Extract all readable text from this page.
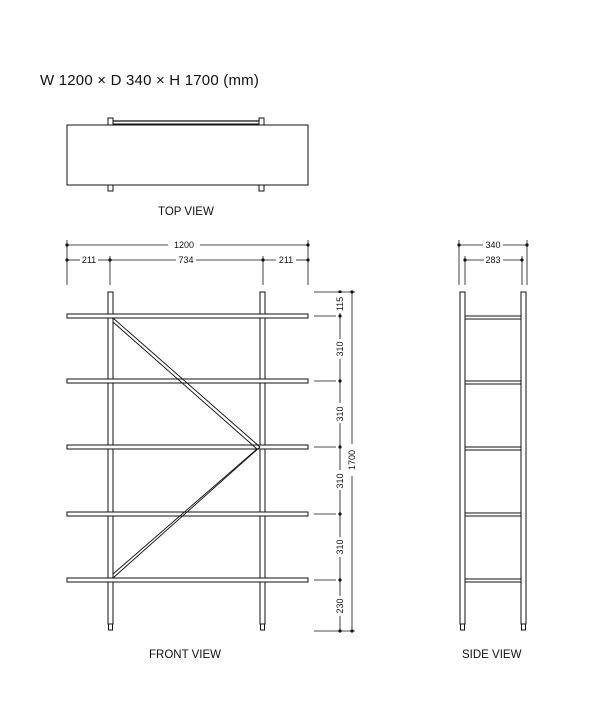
W 1200 × D 340 × H 1700 (mm)
1200
211	734	211
115
310
310
310
310
230
1700
340
283
TOP VIEW
FRONT VIEW	SIDE VIEW
